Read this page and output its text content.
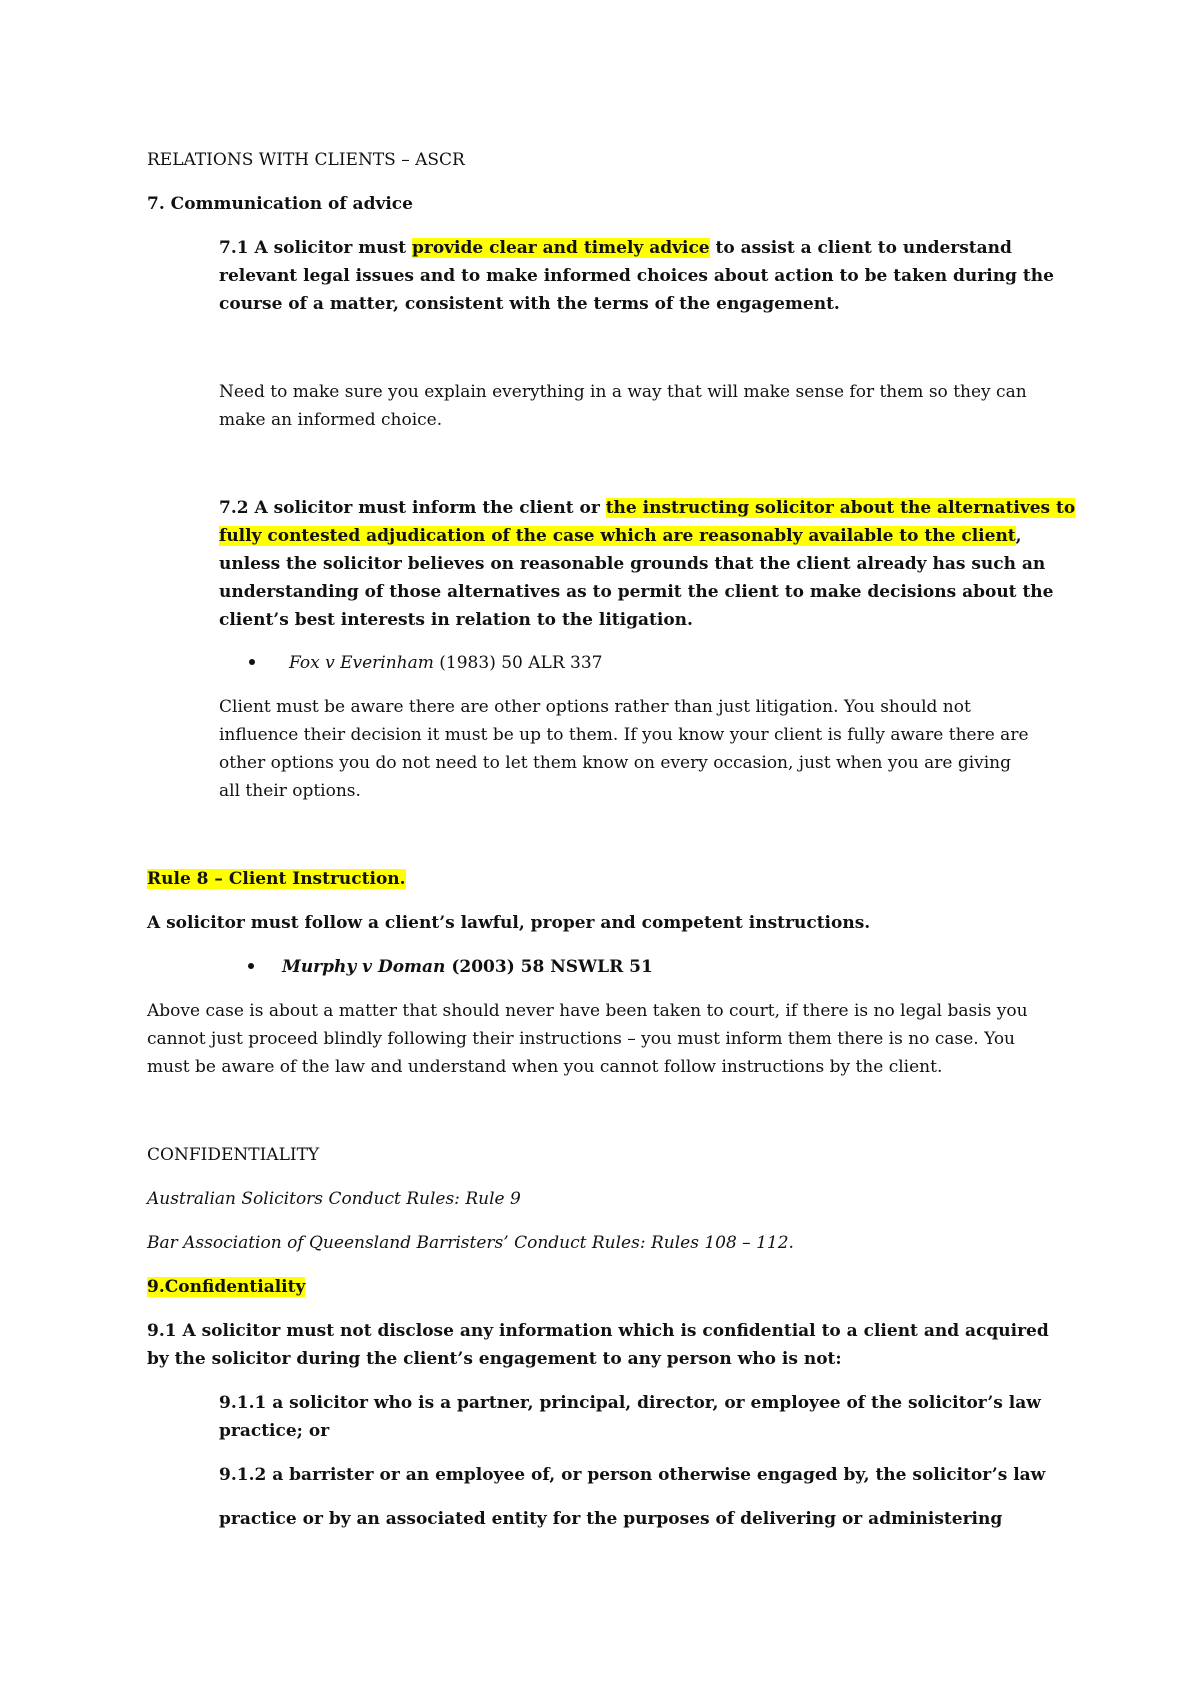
RELATIONS WITH CLIENTS – ASCR
7. Communication of advice
7.1 A solicitor must provide clear and timely advice to assist a client to understand
relevant legal issues and to make informed choices about action to be taken during the
course of a matter, consistent with the terms of the engagement.
Need to make sure you explain everything in a way that will make sense for them so they can
make an informed choice.
7.2 A solicitor must inform the client or the instructing solicitor about the alternatives to
fully contested adjudication of the case which are reasonably available to the client,
unless the solicitor believes on reasonable grounds that the client already has such an
understanding of those alternatives as to permit the client to make decisions about the
client’s best interests in relation to the litigation.
Fox v Everinham (1983) 50 ALR 337
Client must be aware there are other options rather than just litigation. You should not
influence their decision it must be up to them. If you know your client is fully aware there are
other options you do not need to let them know on every occasion, just when you are giving
all their options.
Rule 8 – Client Instruction.
A solicitor must follow a client’s lawful, proper and competent instructions.
Murphy v Doman (2003) 58 NSWLR 51
Above case is about a matter that should never have been taken to court, if there is no legal basis you
cannot just proceed blindly following their instructions – you must inform them there is no case. You
must be aware of the law and understand when you cannot follow instructions by the client.
CONFIDENTIALITY
Australian Solicitors Conduct Rules: Rule 9
Bar Association of Queensland Barristers’ Conduct Rules: Rules 108 – 112.
9.Confidentiality
9.1 A solicitor must not disclose any information which is confidential to a client and acquired
by the solicitor during the client’s engagement to any person who is not:
9.1.1 a solicitor who is a partner, principal, director, or employee of the solicitor’s law
practice; or
9.1.2 a barrister or an employee of, or person otherwise engaged by, the solicitor’s law
practice or by an associated entity for the purposes of delivering or administering
